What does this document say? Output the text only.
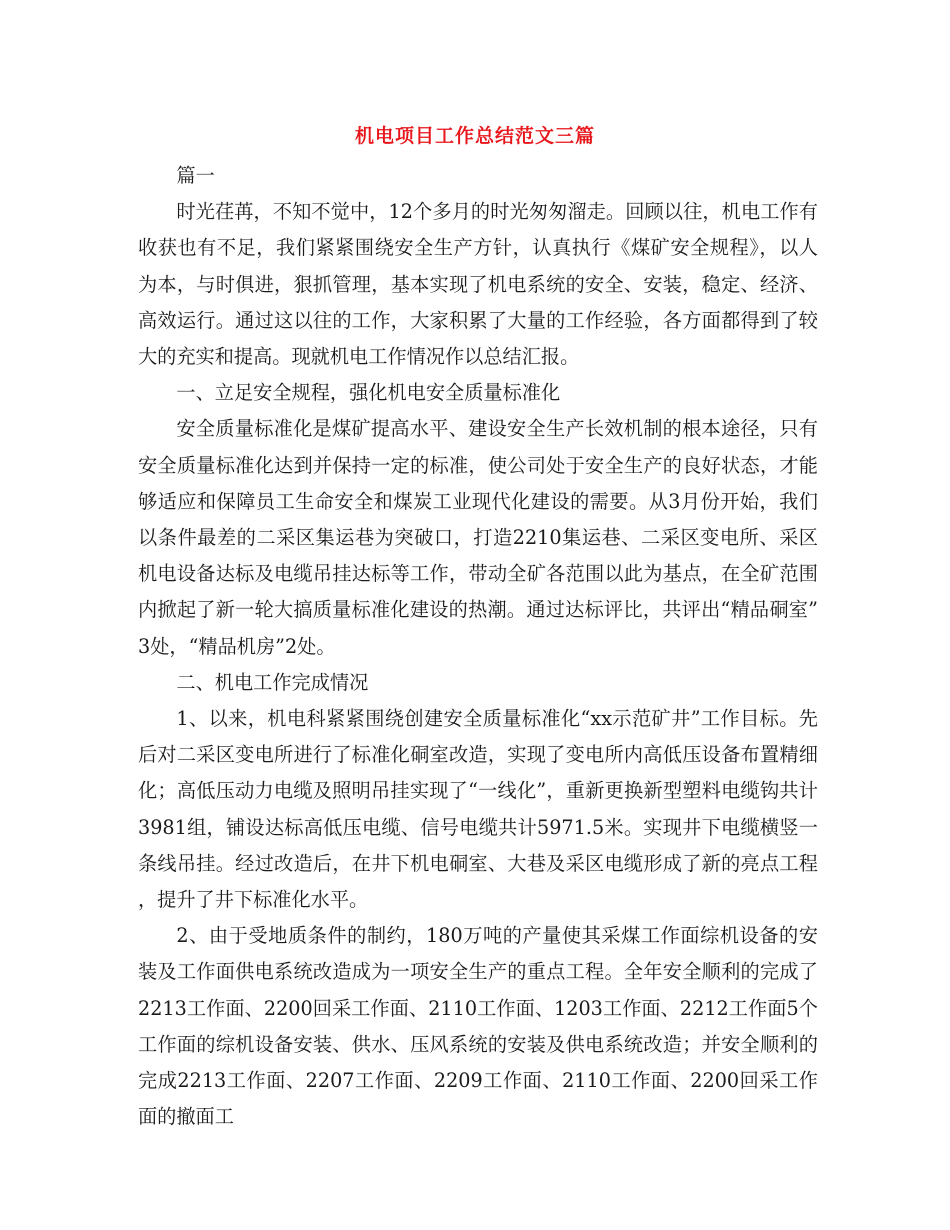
机电项目工作总结范文三篇

篇一

时光荏苒，不知不觉中，12个多月的时光匆匆溜走。回顾以往，机电工作有收获也有不足，我们紧紧围绕安全生产方针，认真执行《煤矿安全规程》，以人为本，与时俱进，狠抓管理，基本实现了机电系统的安全、安装，稳定、经济、高效运行。通过这以往的工作，大家积累了大量的工作经验，各方面都得到了较大的充实和提高。现就机电工作情况作以总结汇报。

一、立足安全规程，强化机电安全质量标准化

安全质量标准化是煤矿提高水平、建设安全生产长效机制的根本途径，只有安全质量标准化达到并保持一定的标准，使公司处于安全生产的良好状态，才能够适应和保障员工生命安全和煤炭工业现代化建设的需要。从3月份开始，我们以条件最差的二采区集运巷为突破口，打造2210集运巷、二采区变电所、采区机电设备达标及电缆吊挂达标等工作，带动全矿各范围以此为基点，在全矿范围内掀起了新一轮大搞质量标准化建设的热潮。通过达标评比，共评出“精品硐室”3处，“精品机房”2处。

二、机电工作完成情况

1、以来，机电科紧紧围绕创建安全质量标准化“xx示范矿井”工作目标。先后对二采区变电所进行了标准化硐室改造，实现了变电所内高低压设备布置精细化；高低压动力电缆及照明吊挂实现了“一线化”，重新更换新型塑料电缆钩共计3981组，铺设达标高低压电缆、信号电缆共计5971.5米。实现井下电缆横竖一条线吊挂。经过改造后，在井下机电硐室、大巷及采区电缆形成了新的亮点工程，提升了井下标准化水平。

2、由于受地质条件的制约，180万吨的产量使其采煤工作面综机设备的安装及工作面供电系统改造成为一项安全生产的重点工程。全年安全顺利的完成了2213工作面、2200回采工作面、2110工作面、1203工作面、2212工作面5个工作面的综机设备安装、供水、压风系统的安装及供电系统改造；并安全顺利的完成2213工作面、2207工作面、2209工作面、2110工作面、2200回采工作面的撤面工
